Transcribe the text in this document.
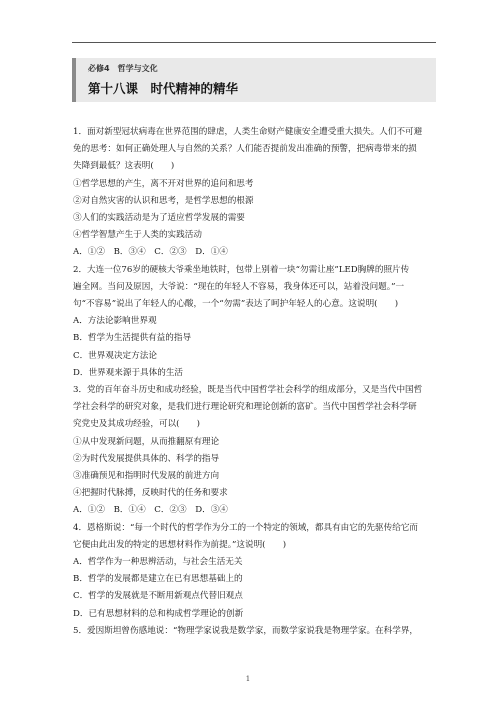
必修4　哲学与文化
第十八课　时代精神的精华

1．面对新型冠状病毒在世界范围的肆虐，人类生命财产健康安全遭受重大损失。人们不可避

免的思考：如何正确处理人与自然的关系？人们能否提前发出准确的预警，把病毒带来的损

失降到最低？这表明(　　)

①哲学思想的产生，离不开对世界的追问和思考

②对自然灾害的认识和思考，是哲学思想的根源

③人们的实践活动是为了适应哲学发展的需要

④哲学智慧产生于人类的实践活动

A．①②　B．③④　C．②③　D．①④

2．大连一位76岁的硬核大爷乘坐地铁时，包带上别着一块“勿需让座”LED胸牌的照片传

遍全网。当问及原因，大爷说：“现在的年轻人不容易，我身体还可以，站着没问题。”一

句“不容易”说出了年轻人的心酸，一个“勿需”表达了呵护年轻人的心意。这说明(　　)

A．方法论影响世界观

B．哲学为生活提供有益的指导

C．世界观决定方法论

D．世界观来源于具体的生活

3．党的百年奋斗历史和成功经验，既是当代中国哲学社会科学的组成部分，又是当代中国哲

学社会科学的研究对象，是我们进行理论研究和理论创新的富矿。当代中国哲学社会科学研

究党史及其成功经验，可以(　　)

①从中发现新问题，从而推翻原有理论

②为时代发展提供具体的、科学的指导

③准确预见和指明时代发展的前进方向

④把握时代脉搏，反映时代的任务和要求

A．①②　B．①④　C．②③　D．③④

4．恩格斯说：“每一个时代的哲学作为分工的一个特定的领域，都具有由它的先驱传给它而

它便由此出发的特定的思想材料作为前提。”这说明(　　)

A．哲学作为一种思辨活动，与社会生活无关

B．哲学的发展都是建立在已有思想基础上的

C．哲学的发展就是不断用新观点代替旧观点

D．已有思想材料的总和构成哲学理论的创新

5．爱因斯坦曾伤感地说：“物理学家说我是数学家，而数学家说我是物理学家。在科学界，

1
